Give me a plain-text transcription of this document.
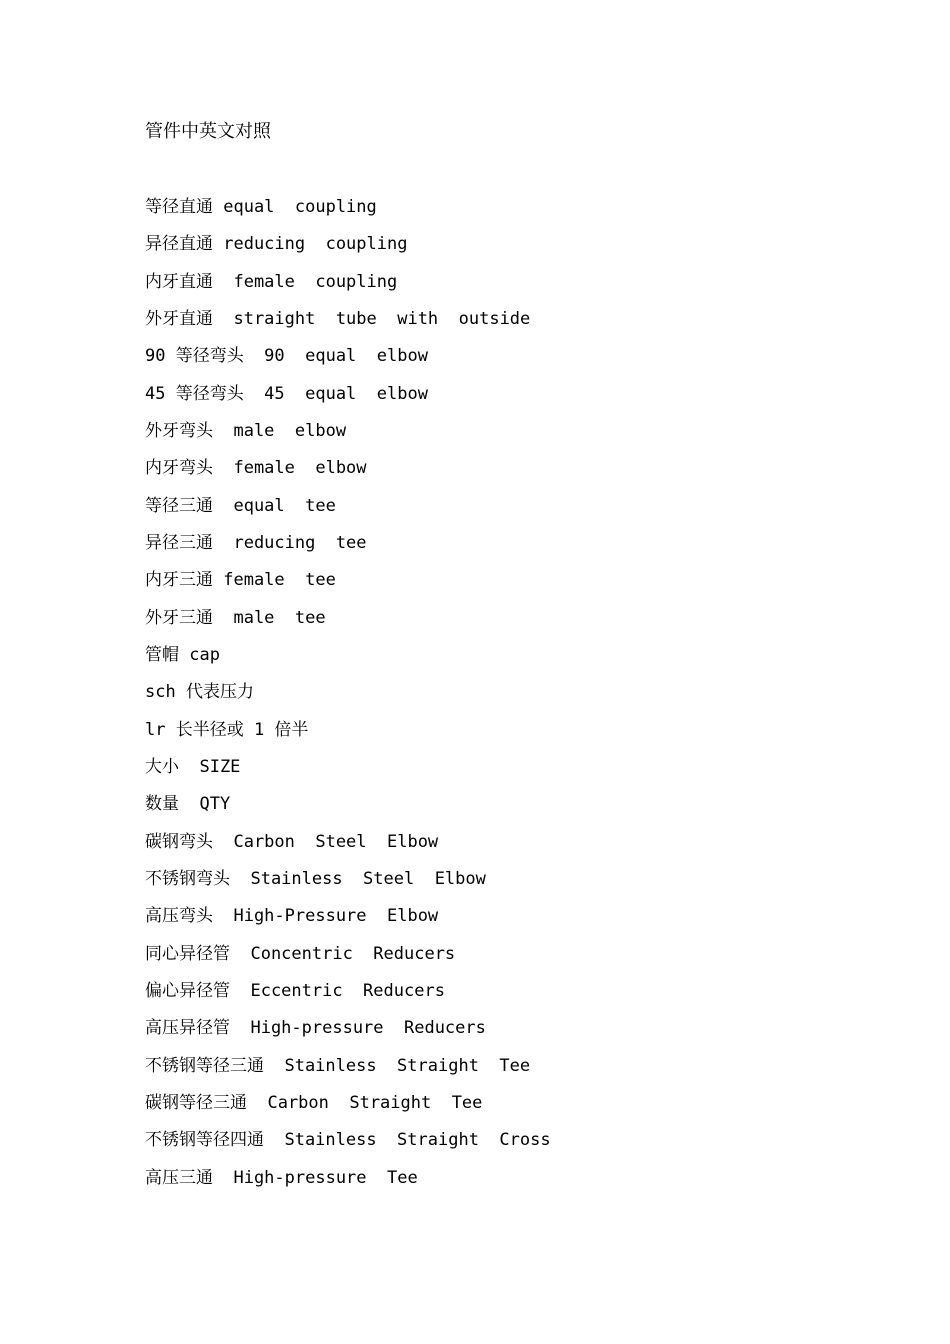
管件中英文对照
等径直通 equal  coupling
异径直通 reducing  coupling
内牙直通  female  coupling
外牙直通  straight  tube  with  outside
90 等径弯头  90  equal  elbow
45 等径弯头  45  equal  elbow
外牙弯头  male  elbow
内牙弯头  female  elbow
等径三通  equal  tee
异径三通  reducing  tee
内牙三通 female  tee
外牙三通  male  tee
管帽 cap
sch 代表压力
lr 长半径或 1 倍半
大小  SIZE
数量  QTY
碳钢弯头  Carbon  Steel  Elbow
不锈钢弯头  Stainless  Steel  Elbow
高压弯头  High-Pressure  Elbow
同心异径管  Concentric  Reducers
偏心异径管  Eccentric  Reducers
高压异径管  High-pressure  Reducers
不锈钢等径三通  Stainless  Straight  Tee
碳钢等径三通  Carbon  Straight  Tee
不锈钢等径四通  Stainless  Straight  Cross
高压三通  High-pressure  Tee
